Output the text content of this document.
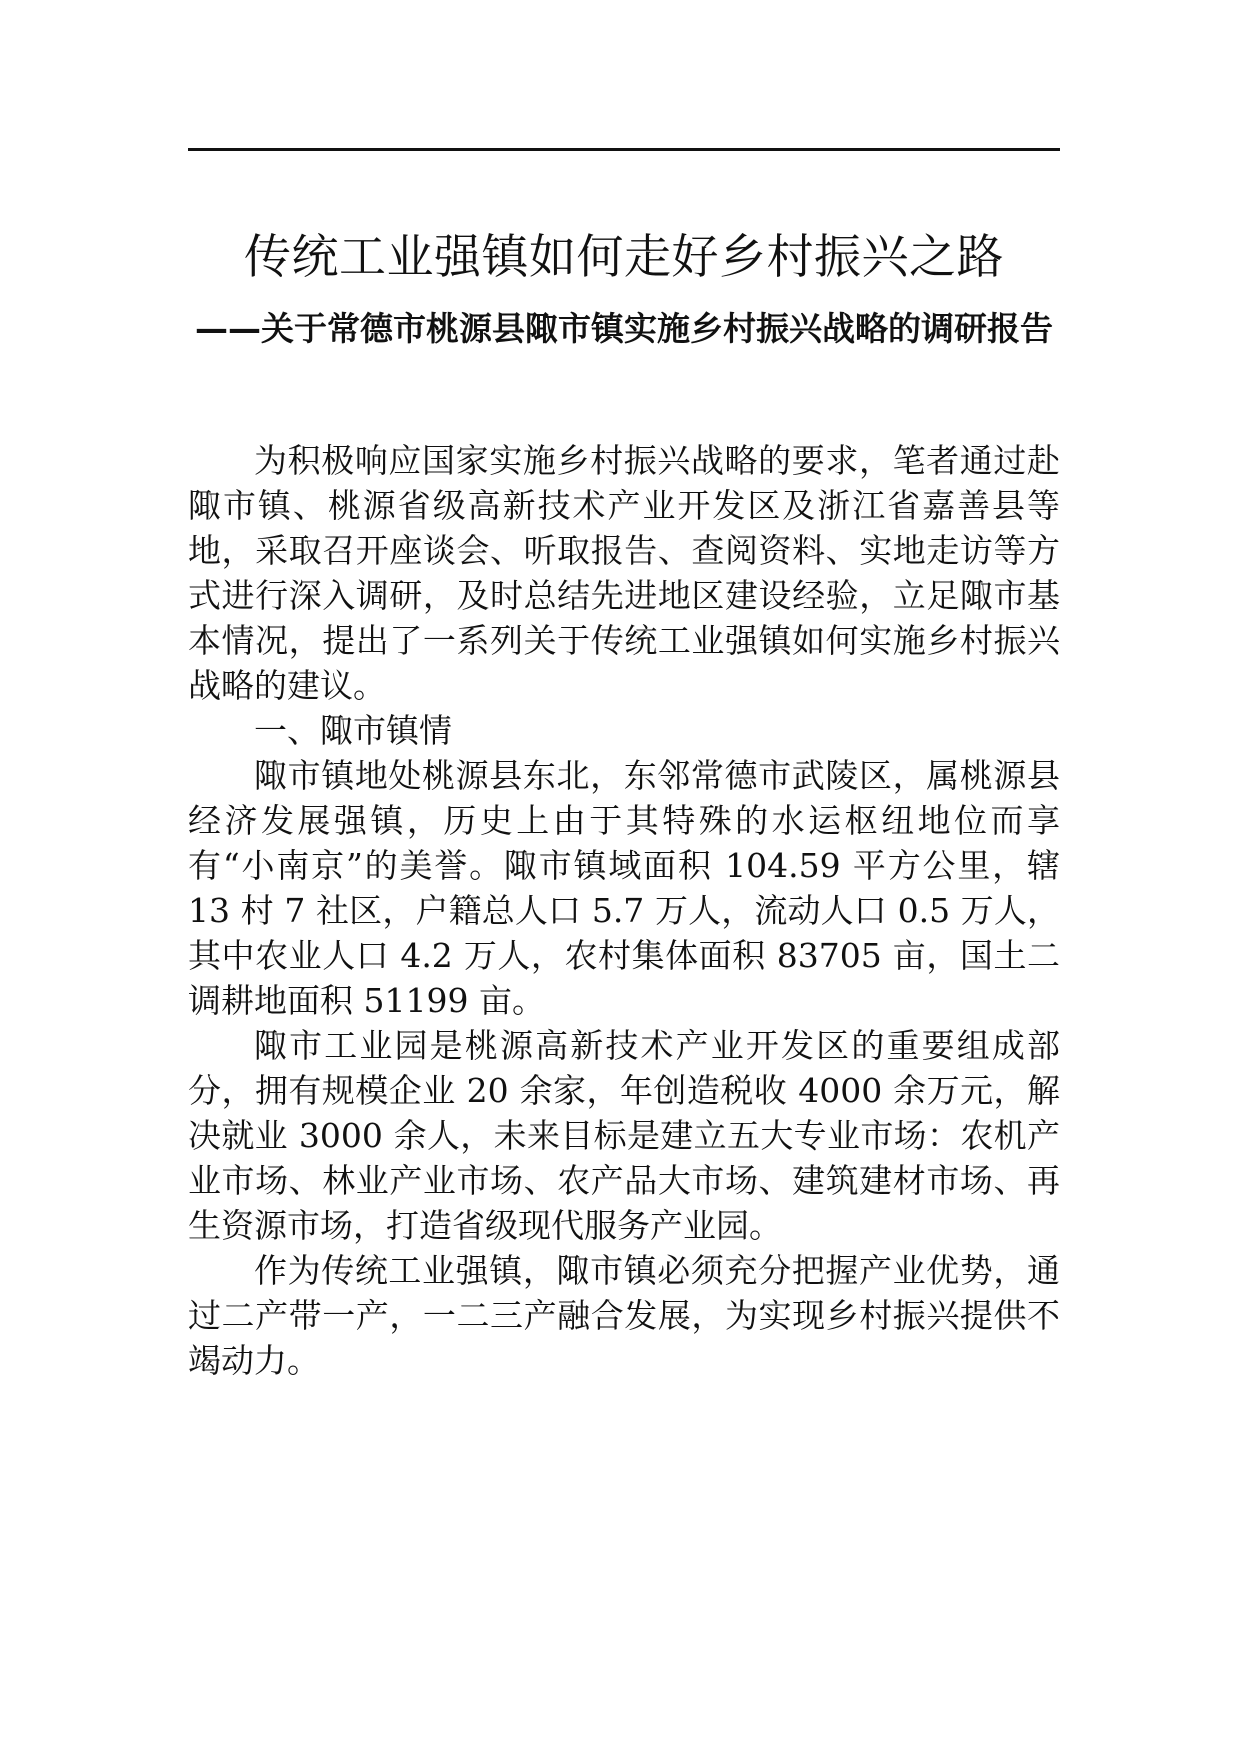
传统工业强镇如何走好乡村振兴之路
——关于常德市桃源县陬市镇实施乡村振兴战略的调研报告

为积极响应国家实施乡村振兴战略的要求，笔者通过赴陬市镇、桃源省级高新技术产业开发区及浙江省嘉善县等地，采取召开座谈会、听取报告、查阅资料、实地走访等方式进行深入调研，及时总结先进地区建设经验，立足陬市基本情况，提出了一系列关于传统工业强镇如何实施乡村振兴战略的建议。

一、陬市镇情

陬市镇地处桃源县东北，东邻常德市武陵区，属桃源县经济发展强镇，历史上由于其特殊的水运枢纽地位而享有“小南京”的美誉。陬市镇域面积 104.59 平方公里，辖 13 村 7 社区，户籍总人口 5.7 万人，流动人口 0.5 万人，其中农业人口 4.2 万人，农村集体面积 83705 亩，国土二调耕地面积 51199 亩。

陬市工业园是桃源高新技术产业开发区的重要组成部分，拥有规模企业 20 余家，年创造税收 4000 余万元，解决就业 3000 余人，未来目标是建立五大专业市场：农机产业市场、林业产业市场、农产品大市场、建筑建材市场、再生资源市场，打造省级现代服务产业园。

作为传统工业强镇，陬市镇必须充分把握产业优势，通过二产带一产，一二三产融合发展，为实现乡村振兴提供不竭动力。
